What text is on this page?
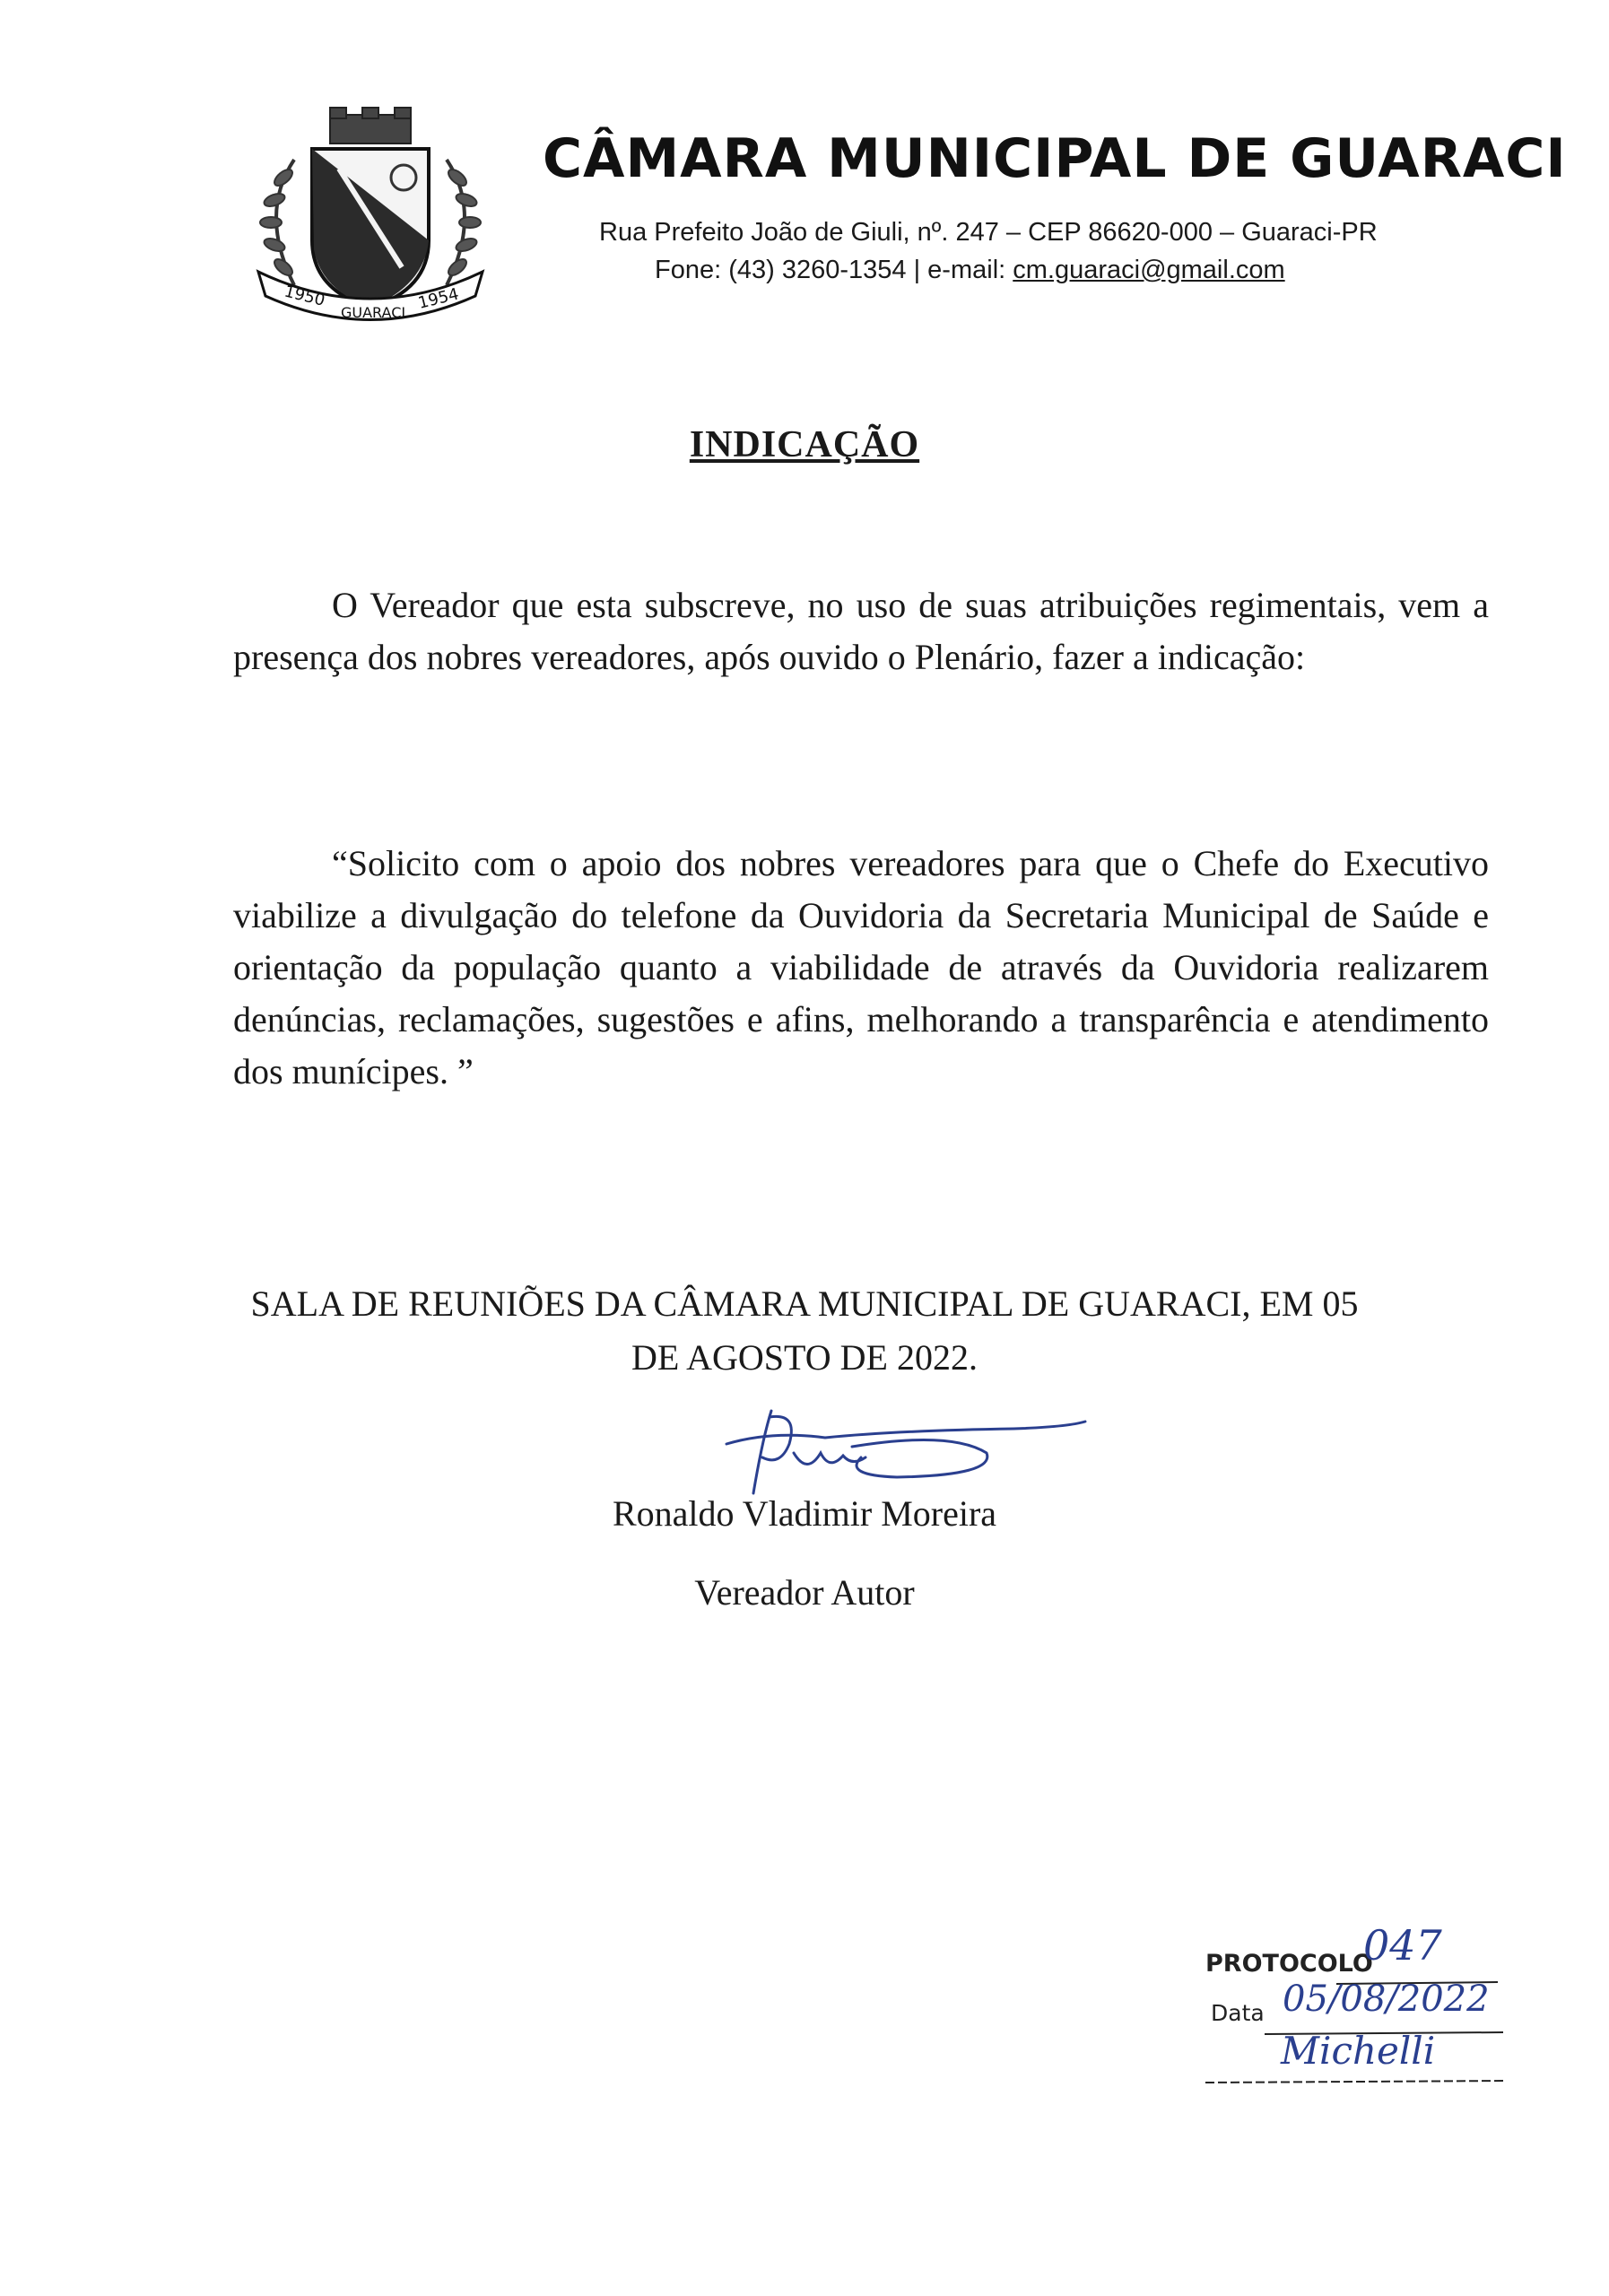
1950
GUARACI 1954
CÂMARA MUNICIPAL DE GUARACI
Rua Prefeito João de Giuli, nº. 247 – CEP 86620-000 – Guaraci-PR
Fone: (43) 3260-1354 | e-mail: cm.guaraci@gmail.com
INDICAÇÃO

O Vereador que esta subscreve, no uso de suas atribuições regimentais, vem a presença dos nobres vereadores, após ouvido o Plenário, fazer a indicação:

“Solicito com o apoio dos nobres vereadores para que o Chefe do Executivo viabilize a divulgação do telefone da Ouvidoria da Secretaria Municipal de Saúde e orientação da população quanto a viabilidade de através da Ouvidoria realizarem denúncias, reclamações, sugestões e afins, melhorando a transparência e atendimento dos munícipes. ”

SALA DE REUNIÕES DA CÂMARA MUNICIPAL DE GUARACI, EM 05
DE AGOSTO DE 2022.
Ronaldo Vladimir Moreira
Vereador Autor
PROTOCOLO
Data
047
05/08/2022
Michelli
